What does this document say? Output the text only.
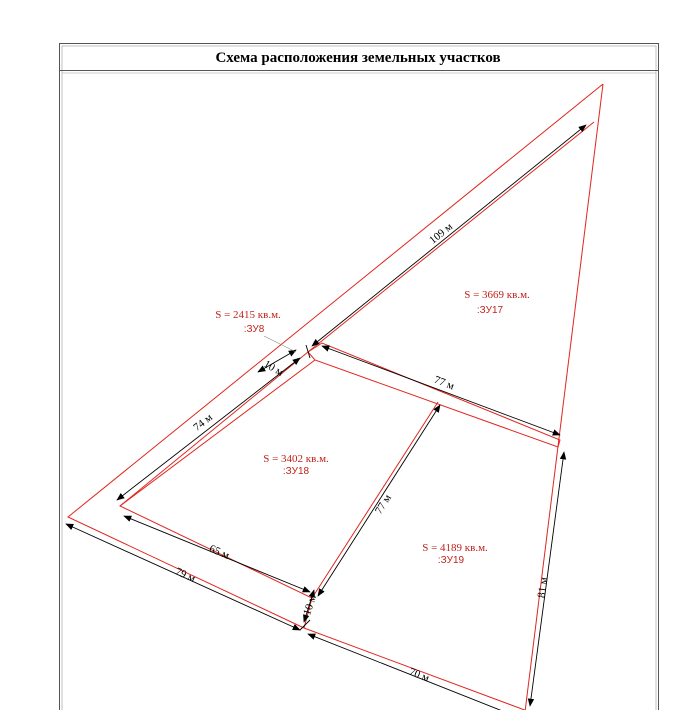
Схема расположения земельных участков
109 м
10 м
77 м
74 м
77 м
65 м
79 м
10 м
81 м
70 м
S = 2415 кв.м.
:ЗУ8
S = 3669 кв.м.
:ЗУ17
S = 3402 кв.м.
:ЗУ18
S = 4189 кв.м.
:ЗУ19
